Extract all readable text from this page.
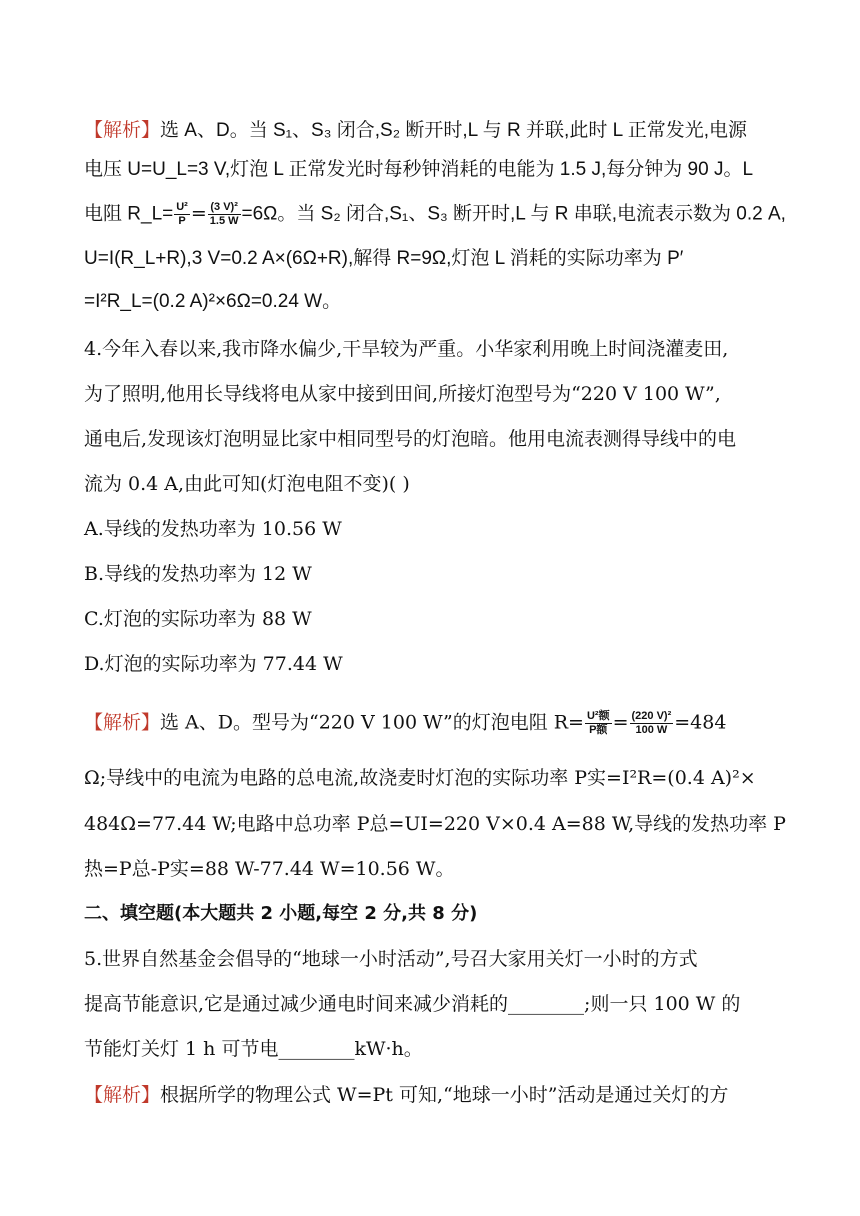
【解析】选 A、D。当 S₁、S₃ 闭合,S₂ 断开时,L 与 R 并联,此时 L 正常发光,电源
电压 U=U_L=3 V,灯泡 L 正常发光时每秒钟消耗的电能为 1.5 J,每分钟为 90 J。L
电阻 R_L= $\frac{\text{U²}}{P} = \frac{\text{(3 V)²}}{1.5 W} =6\Omega$。当 S₂ 闭合,S₁、S₃ 断开时,L 与 R 串联,电流表示数为 0.2 A,
U=I(R_L+R),3 V=0.2 A×(6Ω+R),解得 R=9Ω,灯泡 L 消耗的实际功率为 P′
=I²R_L=(0.2 A)²×6Ω=0.24 W。
4.今年入春以来,我市降水偏少,干旱较为严重。小华家利用晚上时间浇灌麦田,
为了照明,他用长导线将电从家中接到田间,所接灯泡型号为“220 V 100 W”,
通电后,发现该灯泡明显比家中相同型号的灯泡暗。他用电流表测得导线中的电
流为 0.4 A,由此可知(灯泡电阻不变)( )
A.导线的发热功率为 10.56 W
B.导线的发热功率为 12 W
C.灯泡的实际功率为 88 W
D.灯泡的实际功率为 77.44 W
【解析】选 A、D。型号为“220 V 100 W”的灯泡电阻 $R= \frac{\text{U²额}}{\text{P额}} = \frac{\text{(220 V)²}}{100 W} =484$
Ω;导线中的电流为电路的总电流,故浇麦时灯泡的实际功率 P实=I²R=(0.4 A)²×
484Ω=77.44 W;电路中总功率 P总=UI=220 V×0.4 A=88 W,导线的发热功率 P
热=P总-P实=88 W-77.44 W=10.56 W。
二、填空题(本大题共 2 小题,每空 2 分,共 8 分)
5.世界自然基金会倡导的“地球一小时活动”,号召大家用关灯一小时的方式
提高节能意识,它是通过减少通电时间来减少消耗的________;则一只 100 W 的
节能灯关灯 1 h 可节电________kW·h。
【解析】根据所学的物理公式 W=Pt 可知,“地球一小时”活动是通过关灯的方
